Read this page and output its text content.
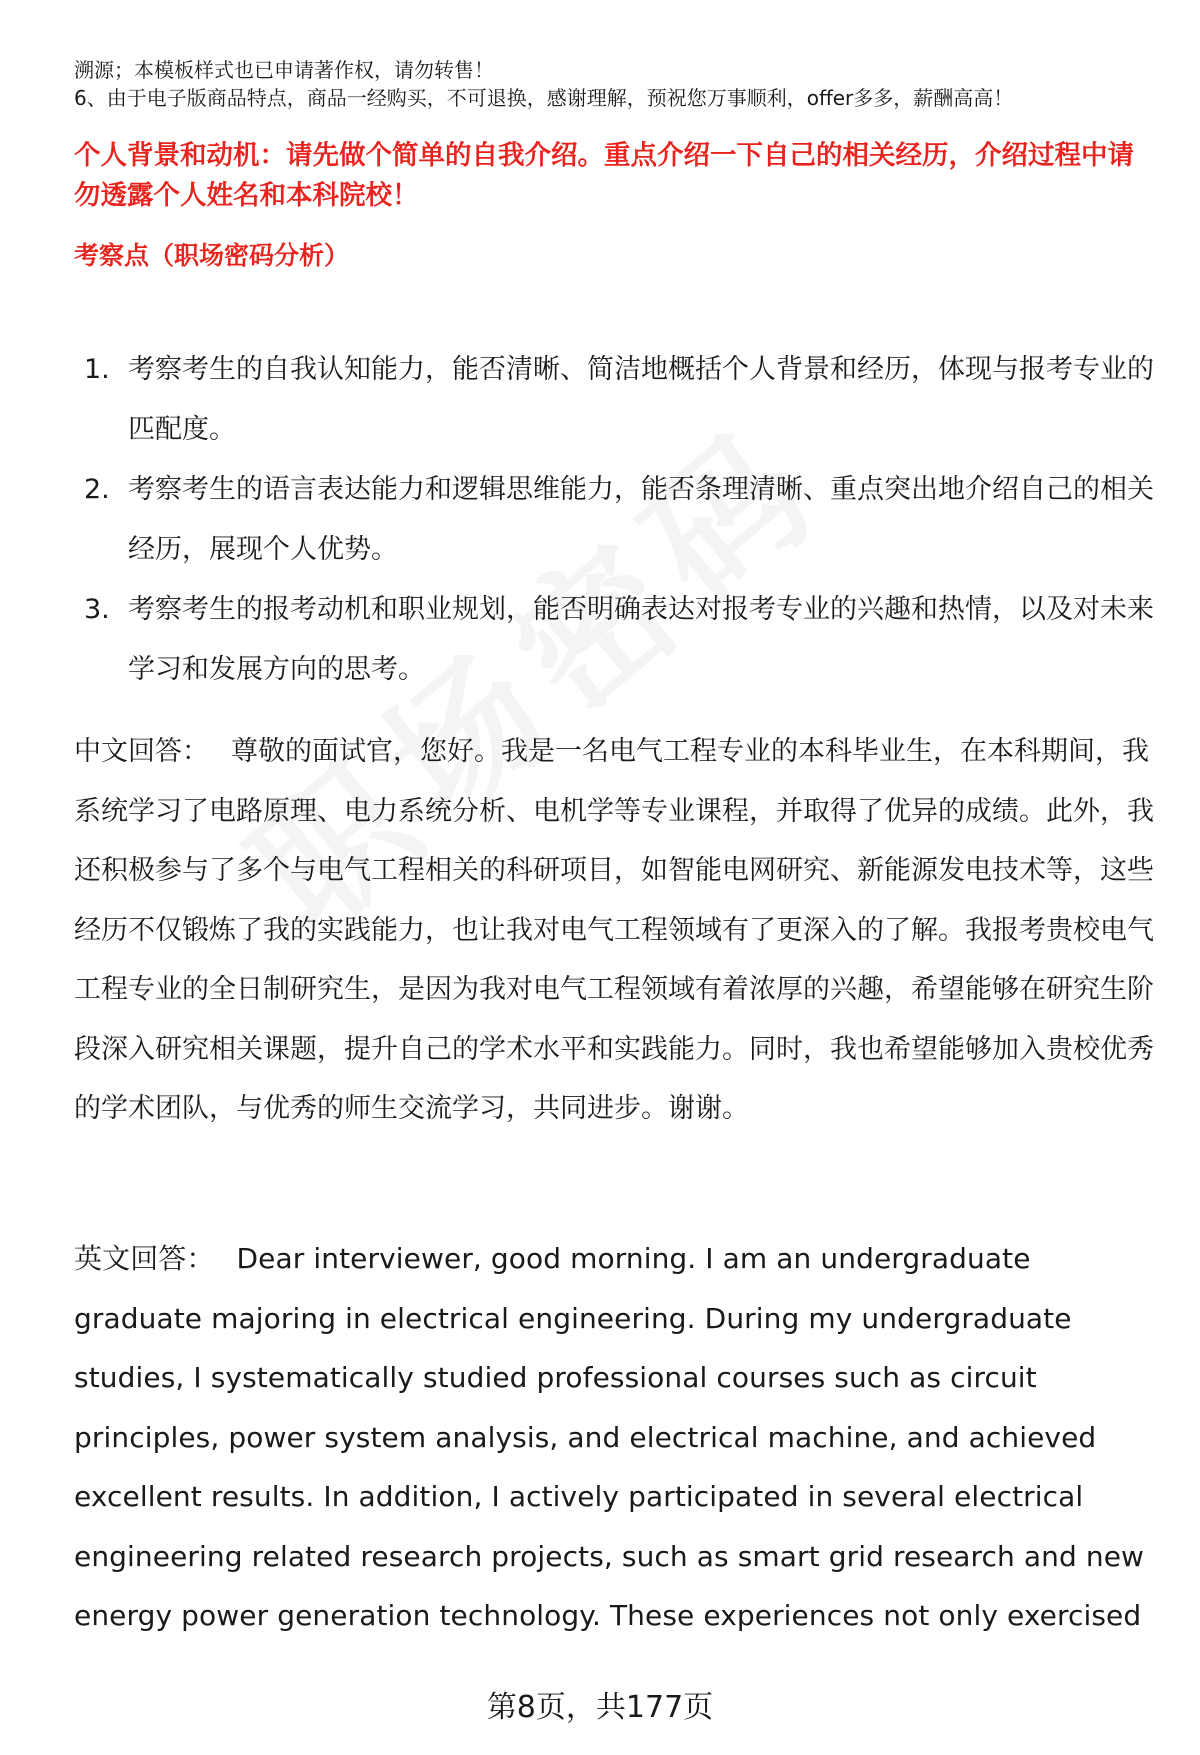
溯源；本模板样式也已申请著作权，请勿转售！
6、由于电子版商品特点，商品一经购买，不可退换，感谢理解，预祝您万事顺利，offer多多，薪酬高高！
个人背景和动机：请先做个简单的自我介绍。重点介绍一下自己的相关经历，介绍过程中请勿透露个人姓名和本科院校！
考察点（职场密码分析）
1. 考察考生的自我认知能力，能否清晰、简洁地概括个人背景和经历，体现与报考专业的匹配度。
2. 考察考生的语言表达能力和逻辑思维能力，能否条理清晰、重点突出地介绍自己的相关经历，展现个人优势。
3. 考察考生的报考动机和职业规划，能否明确表达对报考专业的兴趣和热情，以及对未来学习和发展方向的思考。
中文回答： 尊敬的面试官，您好。我是一名电气工程专业的本科毕业生，在本科期间，我系统学习了电路原理、电力系统分析、电机学等专业课程，并取得了优异的成绩。此外，我还积极参与了多个与电气工程相关的科研项目，如智能电网研究、新能源发电技术等，这些经历不仅锻炼了我的实践能力，也让我对电气工程领域有了更深入的了解。我报考贵校电气工程专业的全日制研究生，是因为我对电气工程领域有着浓厚的兴趣，希望能够在研究生阶段深入研究相关课题，提升自己的学术水平和实践能力。同时，我也希望能够加入贵校优秀的学术团队，与优秀的师生交流学习，共同进步。谢谢。
英文回答： Dear interviewer, good morning. I am an undergraduate graduate majoring in electrical engineering. During my undergraduate studies, I systematically studied professional courses such as circuit principles, power system analysis, and electrical machine, and achieved excellent results. In addition, I actively participated in several electrical engineering related research projects, such as smart grid research and new energy power generation technology. These experiences not only exercised
第8页，共177页
